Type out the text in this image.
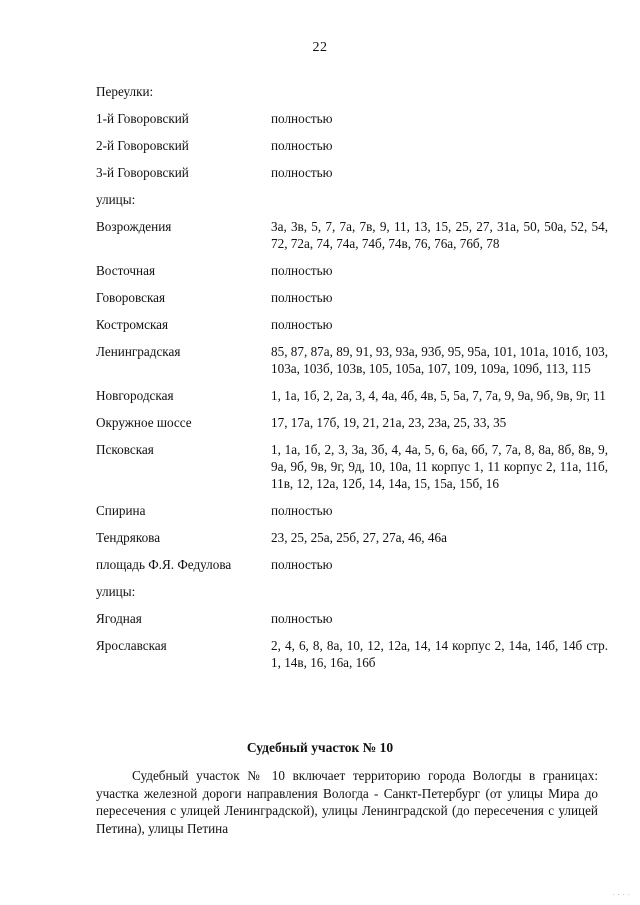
22
Переулки:
1-й Говоровский	полностью
2-й Говоровский	полностью
3-й Говоровский	полностью
улицы:
Возрождения	3а, 3в, 5, 7, 7а, 7в, 9, 11, 13, 15, 25, 27, 31а, 50, 50а, 52, 54, 72, 72а, 74, 74а, 74б, 74в, 76, 76а, 76б, 78
Восточная	полностью
Говоровская	полностью
Костромская	полностью
Ленинградская	85, 87, 87а, 89, 91, 93, 93а, 93б, 95, 95а, 101, 101а, 101б, 103, 103а, 103б, 103в, 105, 105а, 107, 109, 109а, 109б, 113, 115
Новгородская	1, 1а, 1б, 2, 2а, 3, 4, 4а, 4б, 4в, 5, 5а, 7, 7а, 9, 9а, 9б, 9в, 9г, 11
Окружное шоссе	17, 17а, 17б, 19, 21, 21а, 23, 23а, 25, 33, 35
Псковская	1, 1а, 1б, 2, 3, 3а, 3б, 4, 4а, 5, 6, 6а, 6б, 7, 7а, 8, 8а, 8б, 8в, 9, 9а, 9б, 9в, 9г, 9д, 10, 10а, 11 корпус 1, 11 корпус 2, 11а, 11б, 11в, 12, 12а, 12б, 14, 14а, 15, 15а, 15б, 16
Спирина	полностью
Тендрякова	23, 25, 25а, 25б, 27, 27а, 46, 46а
площадь Ф.Я. Федулова	полностью
улицы:
Ягодная	полностью
Ярославская	2, 4, 6, 8, 8а, 10, 12, 12а, 14, 14 корпус 2, 14а, 14б, 14б стр. 1, 14в, 16, 16а, 16б
Судебный участок № 10
Судебный участок № 10 включает территорию города Вологды в границах: участка железной дороги направления Вологда - Санкт-Петербург (от улицы Мира до пересечения с улицей Ленинградской), улицы Ленинградской (до пересечения с улицей Петина), улицы Петина
. . . .
